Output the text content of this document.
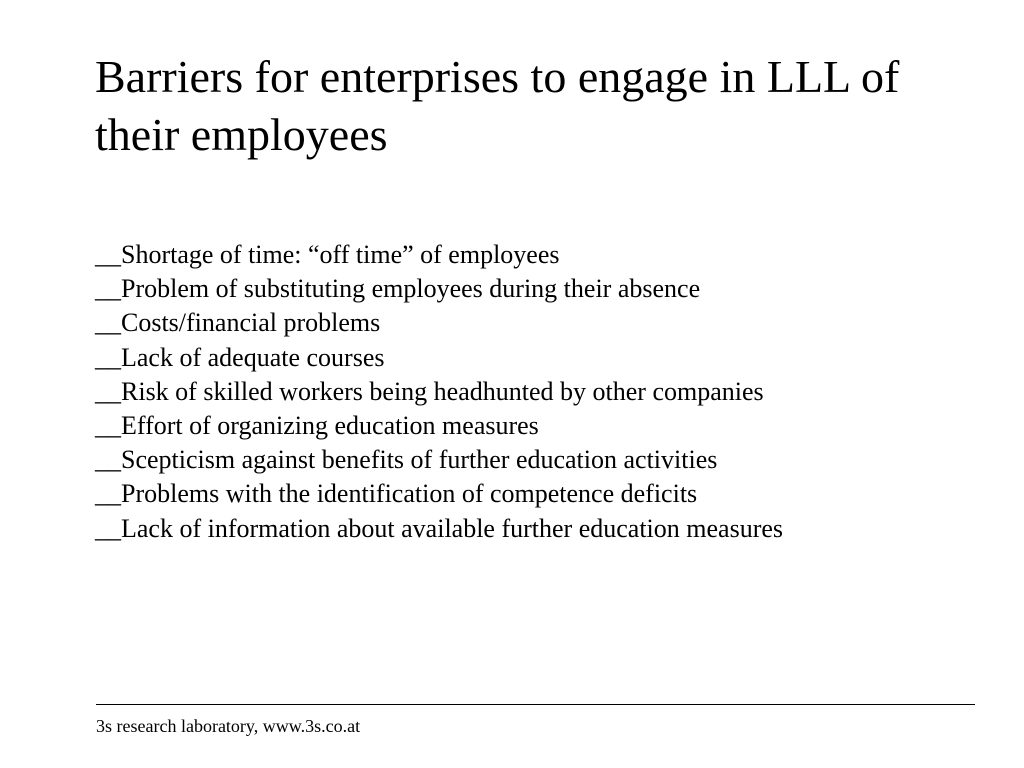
Barriers for enterprises to engage in LLL of their employees
__Shortage of time: “off time” of employees
__Problem of substituting employees during their absence
__Costs/financial problems
__Lack of adequate courses
__Risk of skilled workers being headhunted by other companies
__Effort of organizing education measures
__Scepticism against benefits of further education activities
__Problems with the identification of competence deficits
__Lack of information about available further education measures
3s research laboratory, www.3s.co.at
